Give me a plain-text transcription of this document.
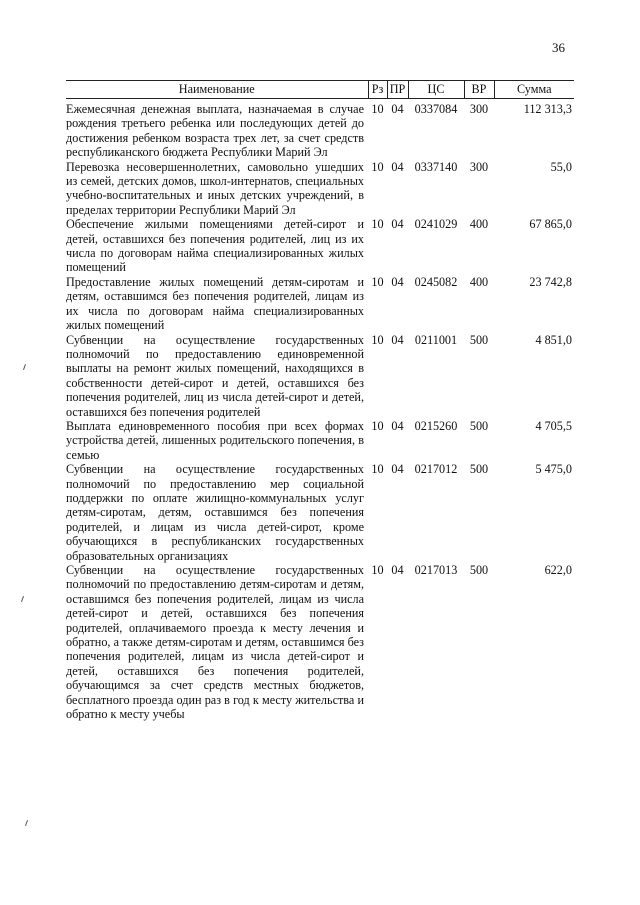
36
Наименование	Рз	ПР	ЦС	ВР	Сумма
Ежемесячная денежная выплата, назначаемая в случае рождения третьего ребенка или последующих детей до достижения ребенком возраста трех лет, за счет средств республиканского бюджета Республики Марий Эл	10	04	0337084	300	112 313,3
Перевозка несовершеннолетних, самовольно ушедших из семей, детских домов, школ-интернатов, специальных учебно-воспитательных и иных детских учреждений, в пределах территории Республики Марий Эл	10	04	0337140	300	55,0
Обеспечение жилыми помещениями детей-сирот и детей, оставшихся без попечения родителей, лиц из их числа по договорам найма специализированных жилых помещений	10	04	0241029	400	67 865,0
Предоставление жилых помещений детям-сиротам и детям, оставшимся без попечения родителей, лицам из их числа по договорам найма специализированных жилых помещений	10	04	0245082	400	23 742,8
Субвенции на осуществление государственных полномочий по предоставлению единовременной выплаты на ремонт жилых помещений, находящихся в собственности детей-сирот и детей, оставшихся без попечения родителей, лиц из числа детей-сирот и детей, оставшихся без попечения родителей	10	04	0211001	500	4 851,0
Выплата единовременного пособия при всех формах устройства детей, лишенных родительского попечения, в семью	10	04	0215260	500	4 705,5
Субвенции на осуществление государственных полномочий по предоставлению мер социальной поддержки по оплате жилищно-коммунальных услуг детям-сиротам, детям, оставшимся без попечения родителей, и лицам из числа детей-сирот, кроме обучающихся в республиканских государственных образовательных организациях	10	04	0217012	500	5 475,0
Субвенции на осуществление государственных полномочий по предоставлению детям-сиротам и детям, оставшимся без попечения родителей, лицам из числа детей-сирот и детей, оставшихся без попечения родителей, оплачиваемого проезда к месту лечения и обратно, а также детям-сиротам и детям, оставшимся без попечения родителей, лицам из числа детей-сирот и детей, оставшихся без попечения родителей, обучающимся за счет средств местных бюджетов, бесплатного проезда один раз в год к месту жительства и обратно к месту учебы	10	04	0217013	500	622,0
